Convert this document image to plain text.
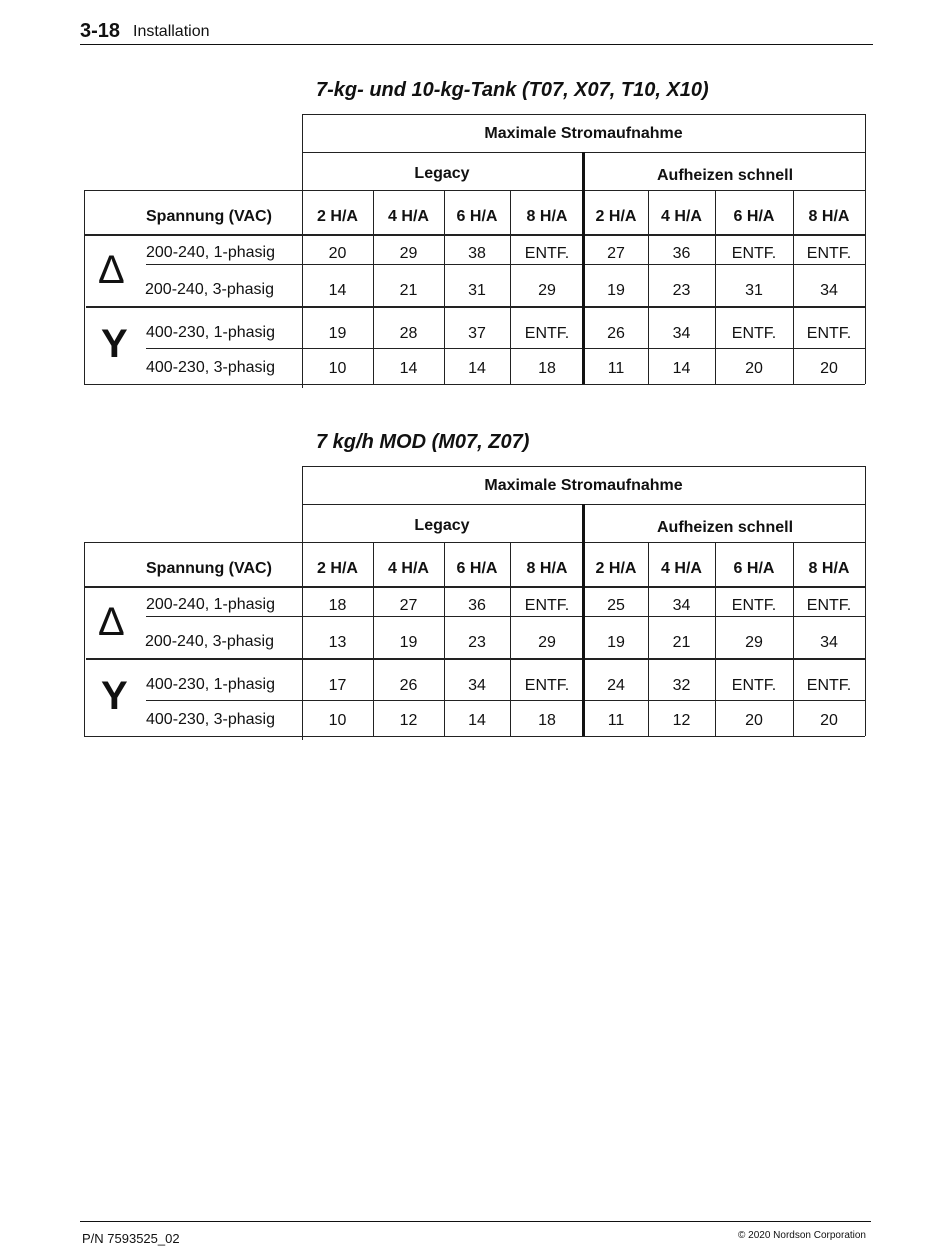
3-18 Installation
7-kg- und 10-kg-Tank (T07, X07, T10, X10)
Maximale Stromaufnahme
Legacy	Aufheizen schnell
Spannung (VAC)	2 H/A	4 H/A	6 H/A	8 H/A	2 H/A	4 H/A	6 H/A	8 H/A
Δ
Y
200-240, 1-phasig	20	29	38	ENTF.	27	36	ENTF.	ENTF.
200-240, 3-phasig	14	21	31	29	19	23	31	34
400-230, 1-phasig	19	28	37	ENTF.	26	34	ENTF.	ENTF.
400-230, 3-phasig	10	14	14	18	11	14	20	20
7 kg/h MOD (M07, Z07)
Maximale Stromaufnahme
Legacy	Aufheizen schnell
Spannung (VAC)	2 H/A	4 H/A	6 H/A	8 H/A	2 H/A	4 H/A	6 H/A	8 H/A
Δ
Y
200-240, 1-phasig	18	27	36	ENTF.	25	34	ENTF.	ENTF.
200-240, 3-phasig	13	19	23	29	19	21	29	34
400-230, 1-phasig	17	26	34	ENTF.	24	32	ENTF.	ENTF.
400-230, 3-phasig	10	12	14	18	11	12	20	20
P/N 7593525_02	© 2020 Nordson Corporation
